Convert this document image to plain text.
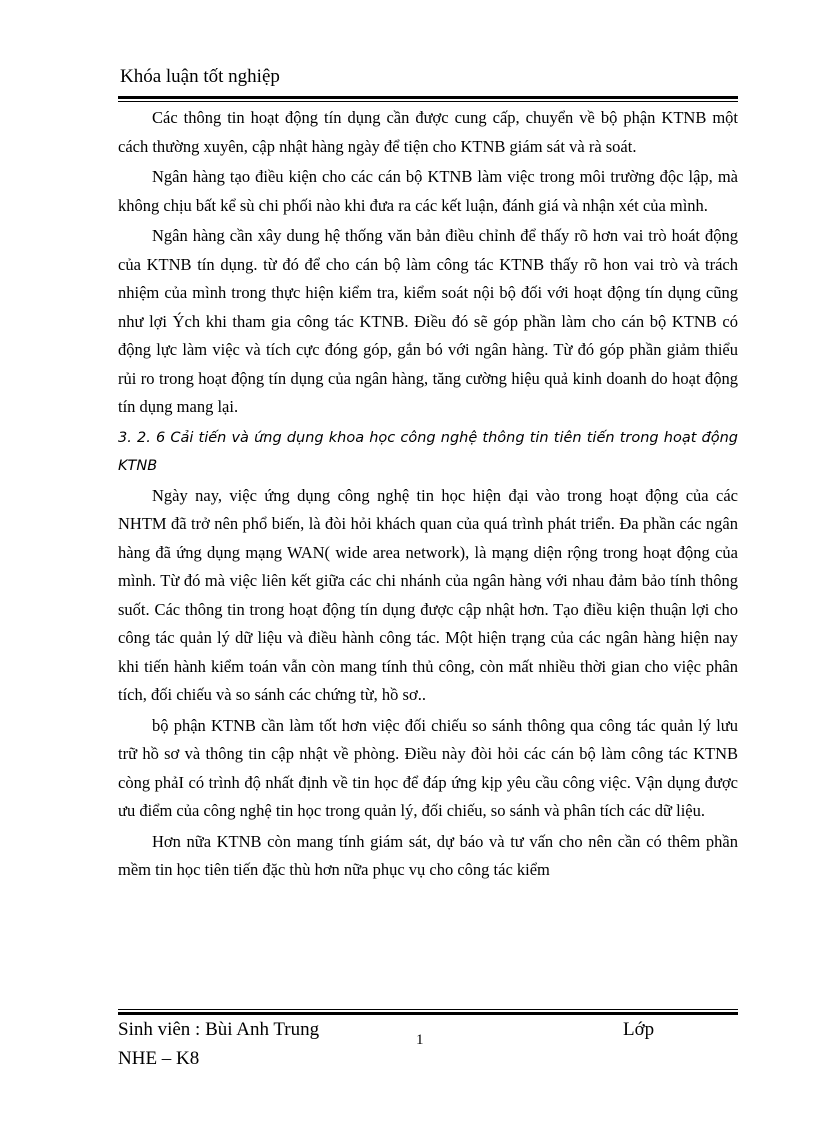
Khóa luận tốt nghiệp

Các thông tin hoạt động tín dụng cần được cung cấp, chuyển về bộ phận KTNB một cách thường xuyên, cập nhật hàng ngày để tiện cho KTNB giám sát và rà soát.

Ngân hàng tạo điều kiện cho các cán bộ KTNB làm việc trong môi trường độc lập, mà không chịu bất kể sù chi phối nào khi đưa ra các kết luận, đánh giá và nhận xét của mình.

Ngân hàng cần xây dung hệ thống văn bản điều chỉnh để thấy rõ hơn vai trò hoát động của KTNB tín dụng. từ đó để cho cán bộ làm công tác KTNB thấy rõ hon vai trò và trách nhiệm của mình trong thực hiện kiểm tra, kiểm soát nội bộ đối với hoạt động tín dụng cũng như lợi Ých khi tham gia công tác KTNB. Điều đó sẽ góp phần làm cho cán bộ KTNB có động lực làm việc và tích cực đóng góp, gắn bó với ngân hàng. Từ đó góp phần giảm thiểu rủi ro trong hoạt động tín dụng của ngân hàng, tăng cường hiệu quả kinh doanh do hoạt động tín dụng mang lại.

3. 2. 6 Cải tiến và ứng dụng khoa học công nghệ thông tin tiên tiến trong hoạt động KTNB

Ngày nay, việc ứng dụng công nghệ tin học hiện đại vào trong hoạt động của các NHTM đã trở nên phổ biến, là đòi hỏi khách quan của quá trình phát triển. Đa phần các ngân hàng đã ứng dụng mạng WAN( wide area network), là mạng diện rộng trong hoạt động của mình. Từ đó mà việc liên kết giữa các chi nhánh của ngân hàng với nhau đảm bảo tính thông suốt. Các thông tin trong hoạt động tín dụng được cập nhật hơn. Tạo điều kiện thuận lợi cho công tác quản lý dữ liệu và điều hành công tác. Một hiện trạng của các ngân hàng hiện nay khi tiến hành kiểm toán vẫn còn mang tính thủ công, còn mất nhiều thời gian cho việc phân tích, đối chiếu và so sánh các chứng từ, hồ sơ..

bộ phận KTNB cần làm tốt hơn việc đối chiếu so sánh thông qua công tác quản lý lưu trữ hồ sơ và thông tin cập nhật về phòng. Điều này đòi hỏi các cán bộ làm công tác KTNB còng phảI có trình độ nhất định về tin học để đáp ứng kịp yêu cầu công việc. Vận dụng được ưu điểm của công nghệ tin học trong quản lý, đối chiếu, so sánh và phân tích các dữ liệu.

Hơn nữa KTNB còn mang tính giám sát, dự báo và tư vấn cho nên cần có thêm phần mềm tin học tiên tiến đặc thù hơn nữa phục vụ cho công tác kiểm

Sinh viên : Bùi Anh Trung	1	Lớp
NHE – K8
